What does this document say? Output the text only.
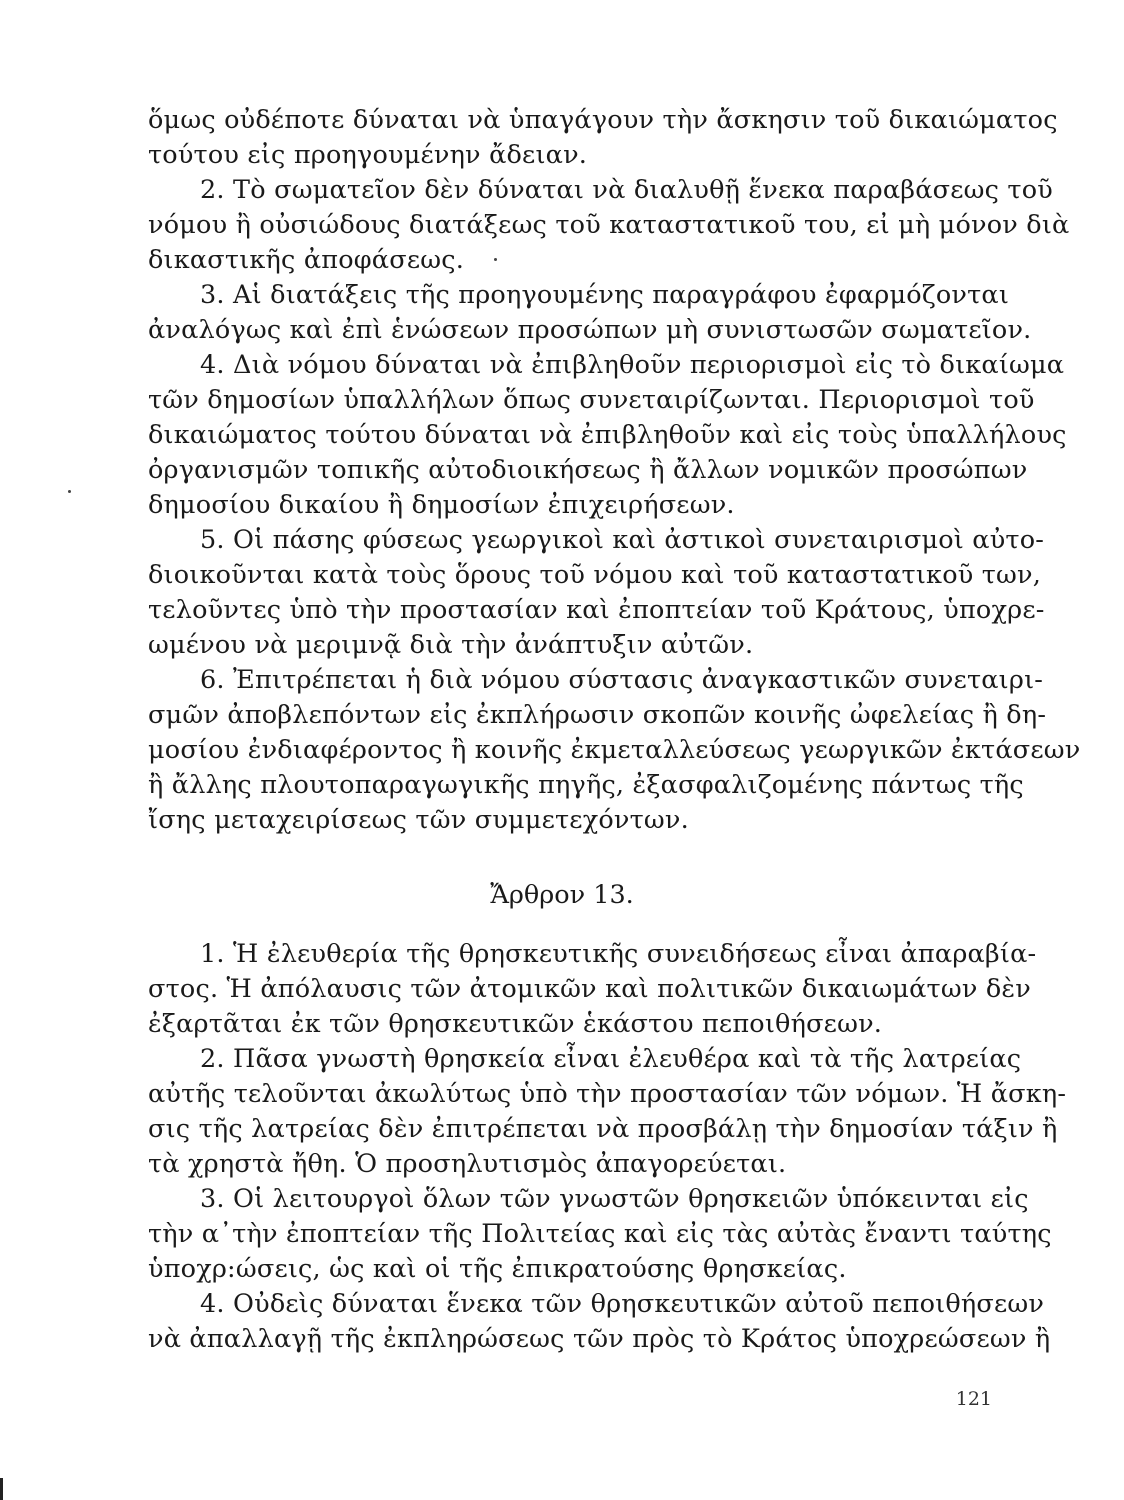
ὅμως οὐδέποτε δύναται νὰ ὑπαγάγουν τὴν ἄσκησιν τοῦ δικαιώματος
τούτου εἰς προηγουμένην ἄδειαν.
2. Τὸ σωματεῖον δὲν δύναται νὰ διαλυθῇ ἕνεκα παραβάσεως τοῦ
νόμου ἢ οὐσιώδους διατάξεως τοῦ καταστατικοῦ του, εἰ μὴ μόνον διὰ
δικαστικῆς ἀποφάσεως.
3. Αἱ διατάξεις τῆς προηγουμένης παραγράφου ἐφαρμόζονται
ἀναλόγως καὶ ἐπὶ ἑνώσεων προσώπων μὴ συνιστωσῶν σωματεῖον.
4. Διὰ νόμου δύναται νὰ ἐπιβληθοῦν περιορισμοὶ εἰς τὸ δικαίωμα
τῶν δημοσίων ὑπαλλήλων ὅπως συνεταιρίζωνται. Περιορισμοὶ τοῦ
δικαιώματος τούτου δύναται νὰ ἐπιβληθοῦν καὶ εἰς τοὺς ὑπαλλήλους
ὀργανισμῶν τοπικῆς αὐτοδιοικήσεως ἢ ἄλλων νομικῶν προσώπων
δημοσίου δικαίου ἢ δημοσίων ἐπιχειρήσεων.
5. Οἱ πάσης φύσεως γεωργικοὶ καὶ ἀστικοὶ συνεταιρισμοὶ αὐτο-
διοικοῦνται κατὰ τοὺς ὅρους τοῦ νόμου καὶ τοῦ καταστατικοῦ των,
τελοῦντες ὑπὸ τὴν προστασίαν καὶ ἐποπτείαν τοῦ Κράτους, ὑποχρε-
ωμένου νὰ μεριμνᾷ διὰ τὴν ἀνάπτυξιν αὐτῶν.
6. Ἐπιτρέπεται ἡ διὰ νόμου σύστασις ἀναγκαστικῶν συνεταιρι-
σμῶν ἀποβλεπόντων εἰς ἐκπλήρωσιν σκοπῶν κοινῆς ὠφελείας ἢ δη-
μοσίου ἐνδιαφέροντος ἢ κοινῆς ἐκμεταλλεύσεως γεωργικῶν ἐκτάσεων
ἢ ἄλλης πλουτοπαραγωγικῆς πηγῆς, ἐξασφαλιζομένης πάντως τῆς
ἴσης μεταχειρίσεως τῶν συμμετεχόντων.
Ἄρθρον 13.
1. Ἡ ἐλευθερία τῆς θρησκευτικῆς συνειδήσεως εἶναι ἀπαραβία-
στος. Ἡ ἀπόλαυσις τῶν ἀτομικῶν καὶ πολιτικῶν δικαιωμάτων δὲν
ἐξαρτᾶται ἐκ τῶν θρησκευτικῶν ἑκάστου πεποιθήσεων.
2. Πᾶσα γνωστὴ θρησκεία εἶναι ἐλευθέρα καὶ τὰ τῆς λατρείας
αὐτῆς τελοῦνται ἀκωλύτως ὑπὸ τὴν προστασίαν τῶν νόμων. Ἡ ἄσκη-
σις τῆς λατρείας δὲν ἐπιτρέπεται νὰ προσβάλῃ τὴν δημοσίαν τάξιν ἢ
τὰ χρηστὰ ἤθη. Ὁ προσηλυτισμὸς ἀπαγορεύεται.
3. Οἱ λειτουργοὶ ὅλων τῶν γνωστῶν θρησκειῶν ὑπόκεινται εἰς
τὴν α᾿τὴν ἐποπτείαν τῆς Πολιτείας καὶ εἰς τὰς αὐτὰς ἔναντι ταύτης
ὑποχρ:ώσεις, ὡς καὶ οἱ τῆς ἐπικρατούσης θρησκείας.
4. Οὐδεὶς δύναται ἕνεκα τῶν θρησκευτικῶν αὐτοῦ πεποιθήσεων
νὰ ἀπαλλαγῇ τῆς ἐκπληρώσεως τῶν πρὸς τὸ Κράτος ὑποχρεώσεων ἢ
121
